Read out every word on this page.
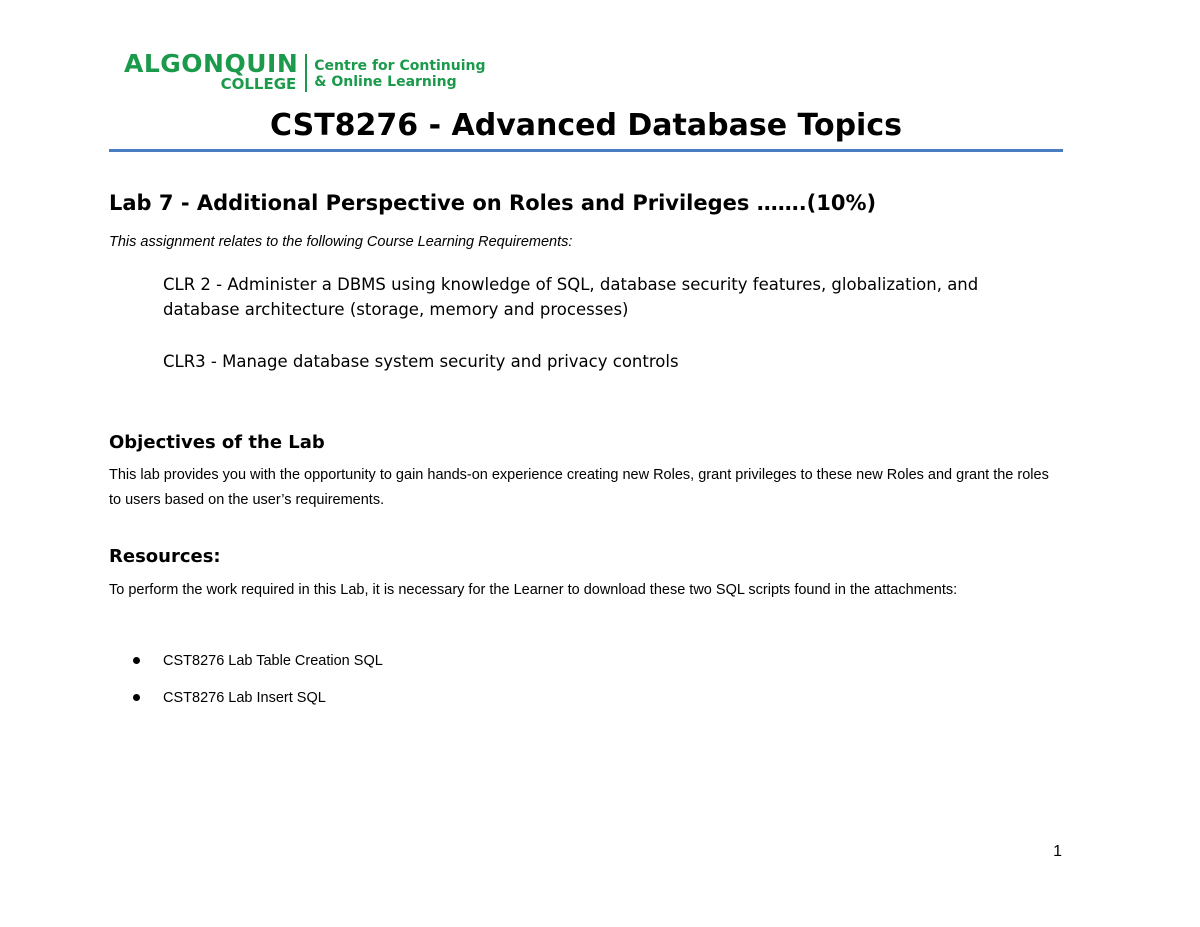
ALGONQUIN
COLLEGE
Centre for Continuing
& Online Learning
CST8276 - Advanced Database Topics
Lab 7 - Additional Perspective on Roles and Privileges …….(10%)
This assignment relates to the following Course Learning Requirements:
CLR 2 - Administer a DBMS using knowledge of SQL, database security features, globalization, and database architecture (storage, memory and processes)
CLR3 - Manage database system security and privacy controls
Objectives of the Lab
This lab provides you with the opportunity to gain hands-on experience creating new Roles, grant privileges to these new Roles and grant the roles to users based on the user’s requirements.
Resources:
To perform the work required in this Lab, it is necessary for the Learner to download these two SQL scripts found in the attachments:
CST8276 Lab Table Creation SQL
CST8276 Lab Insert SQL
1
